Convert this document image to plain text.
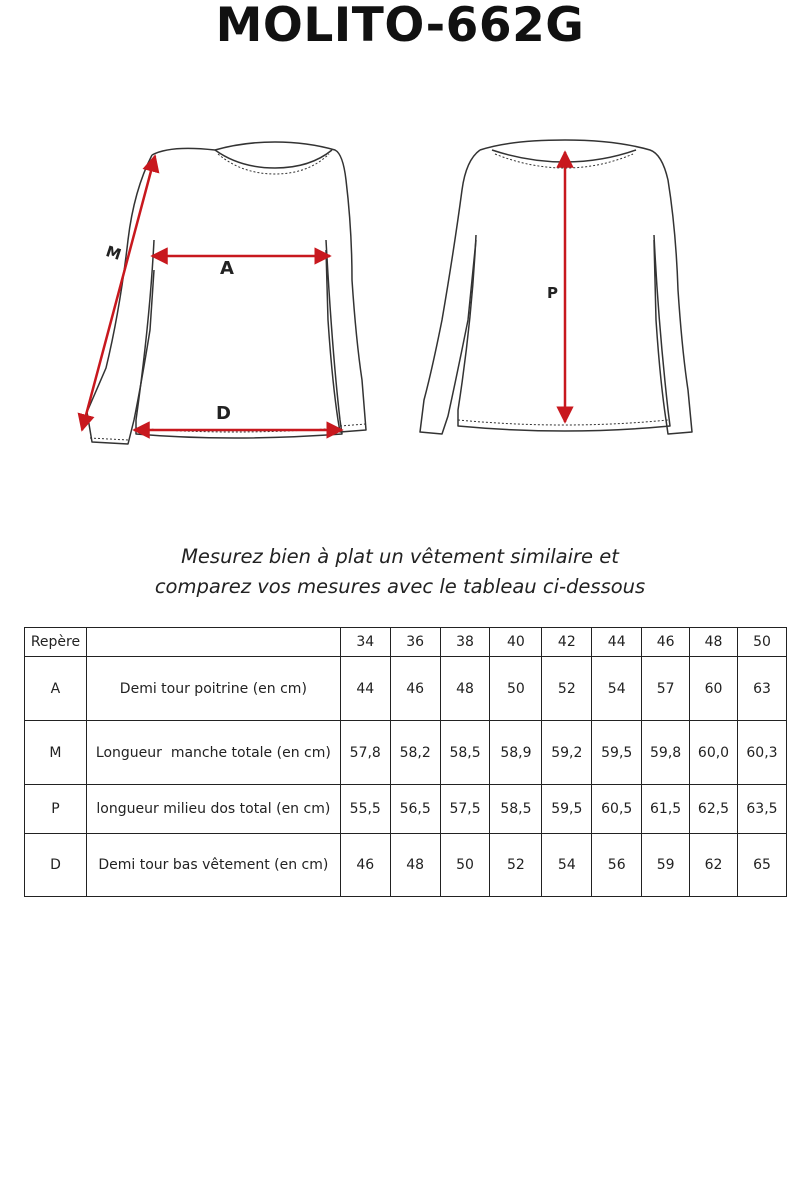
MOLITO-662G
M
A
D
P
Mesurez bien à plat un vêtement similaire et
comparez vos mesures avec le tableau ci-dessous
Repère		34	36	38	40	42	44	46	48	50
A	Demi tour poitrine (en cm)	44	46	48	50	52	54	57	60	63
M	Longueur  manche totale (en cm)	57,8	58,2	58,5	58,9	59,2	59,5	59,8	60,0	60,3
P	longueur milieu dos total (en cm)	55,5	56,5	57,5	58,5	59,5	60,5	61,5	62,5	63,5
D	Demi tour bas vêtement (en cm)	46	48	50	52	54	56	59	62	65
